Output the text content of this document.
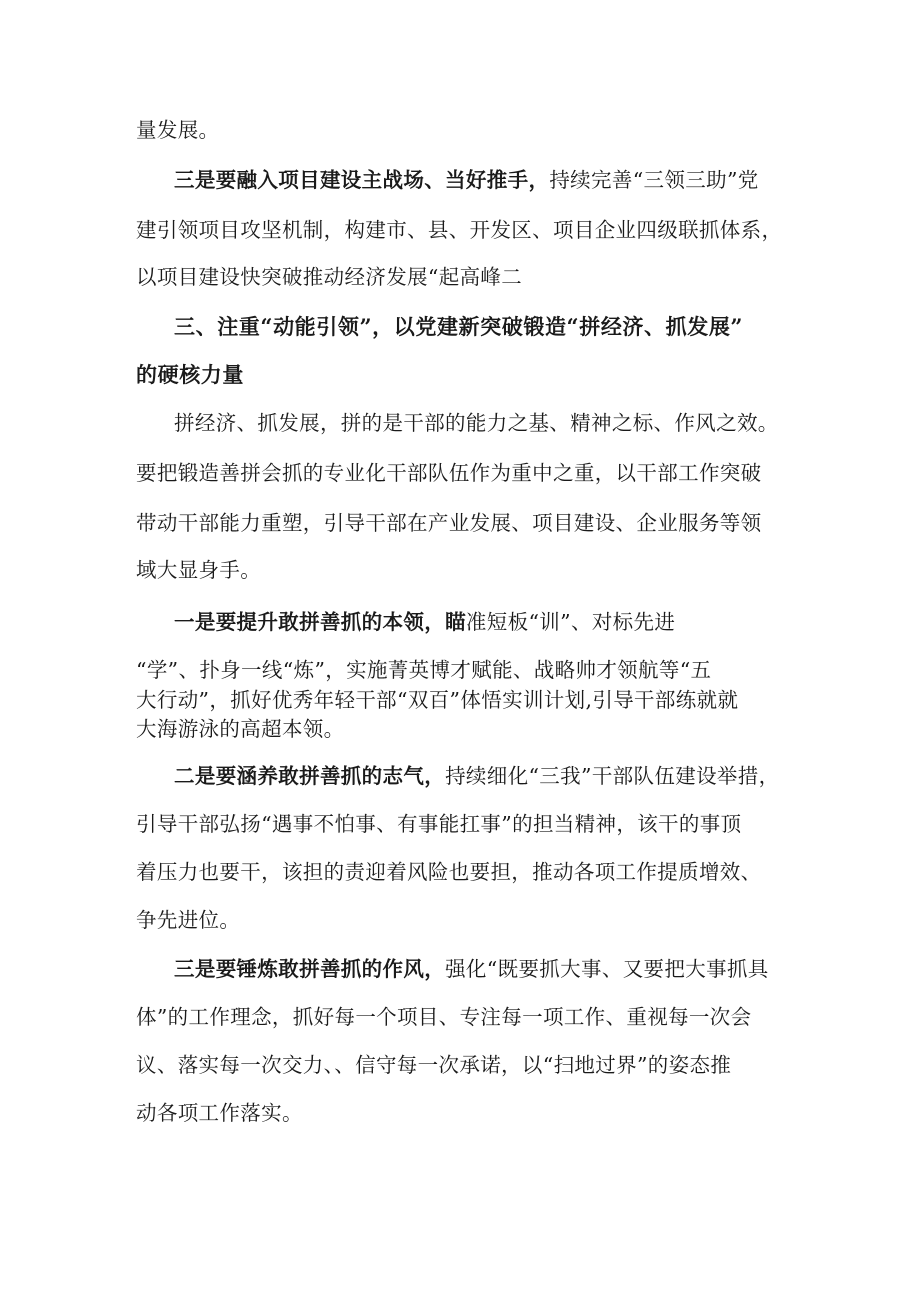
量发展。
三是要融入项目建设主战场、当好推手，持续完善“三领三助”党
建引领项目攻坚机制，构建市、县、开发区、项目企业四级联抓体系，
以项目建设快突破推动经济发展“起高峰二
三、注重“动能引领”，以党建新突破锻造“拼经济、抓发展”
的硬核力量
拼经济、抓发展，拼的是干部的能力之基、精神之标、作风之效。
要把锻造善拼会抓的专业化干部队伍作为重中之重，以干部工作突破
带动干部能力重塑，引导干部在产业发展、项目建设、企业服务等领
域大显身手。
一是要提升敢拼善抓的本领，瞄准短板“训”、对标先进
“学”、扑身一线“炼”，实施菁英博才赋能、战略帅才领航等“五
大行动”，抓好优秀年轻干部“双百”体悟实训计划,引导干部练就就
大海游泳的高超本领。
二是要涵养敢拼善抓的志气，持续细化“三我”干部队伍建设举措，
引导干部弘扬“遇事不怕事、有事能扛事”的担当精神，该干的事顶
着压力也要干，该担的责迎着风险也要担，推动各项工作提质增效、
争先进位。
三是要锤炼敢拼善抓的作风，强化“既要抓大事、又要把大事抓具
体”的工作理念，抓好每一个项目、专注每一项工作、重视每一次会
议、落实每一次交力、、信守每一次承诺，以“扫地过界”的姿态推
动各项工作落实。
